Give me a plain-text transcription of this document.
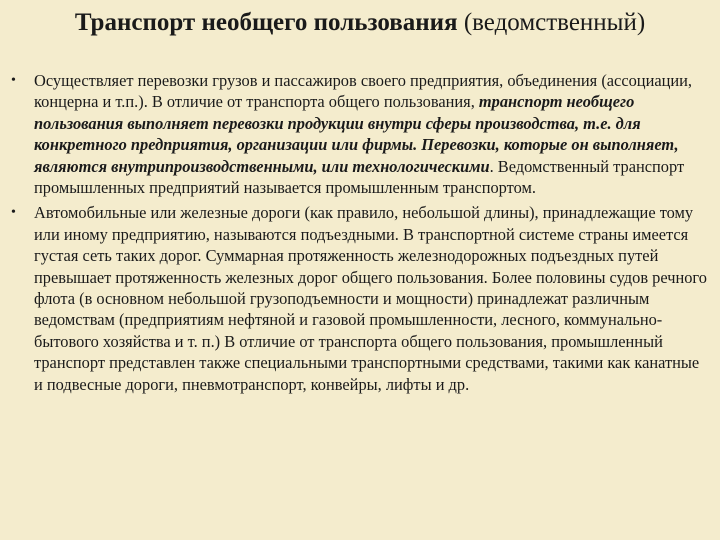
Транспорт необщего пользования (ведомственный)
• Осуществляет перевозки грузов и пассажиров своего предприятия, объединения (ассоциации, концерна и т.п.). В отличие от транспорта общего пользования, транспорт необщего пользования выполняет перевозки продукции внутри сферы производства, т.е. для конкретного предприятия, организации или фирмы. Перевозки, которые он выполняет, являются внутрипроизводственными, или технологическими. Ведомственный транспорт промышленных предприятий называется промышленным транспортом.
• Автомобильные или железные дороги (как правило, небольшой длины), принадлежащие тому или иному предприятию, называются подъездными. В транспортной системе страны имеется густая сеть таких дорог. Суммарная протяженность железнодорожных подъездных путей превышает протяженность железных дорог общего пользования. Более половины судов речного флота (в основном небольшой грузоподъемности и мощности) принадлежат различным ведомствам (предприятиям нефтяной и газовой промышленности, лесного, коммунально-бытового хозяйства и т. п.) В отличие от транспорта общего пользования, промышленный транспорт представлен также специальными транспортными средствами, такими как канатные и подвесные дороги, пневмотранспорт, конвейры, лифты и др.
